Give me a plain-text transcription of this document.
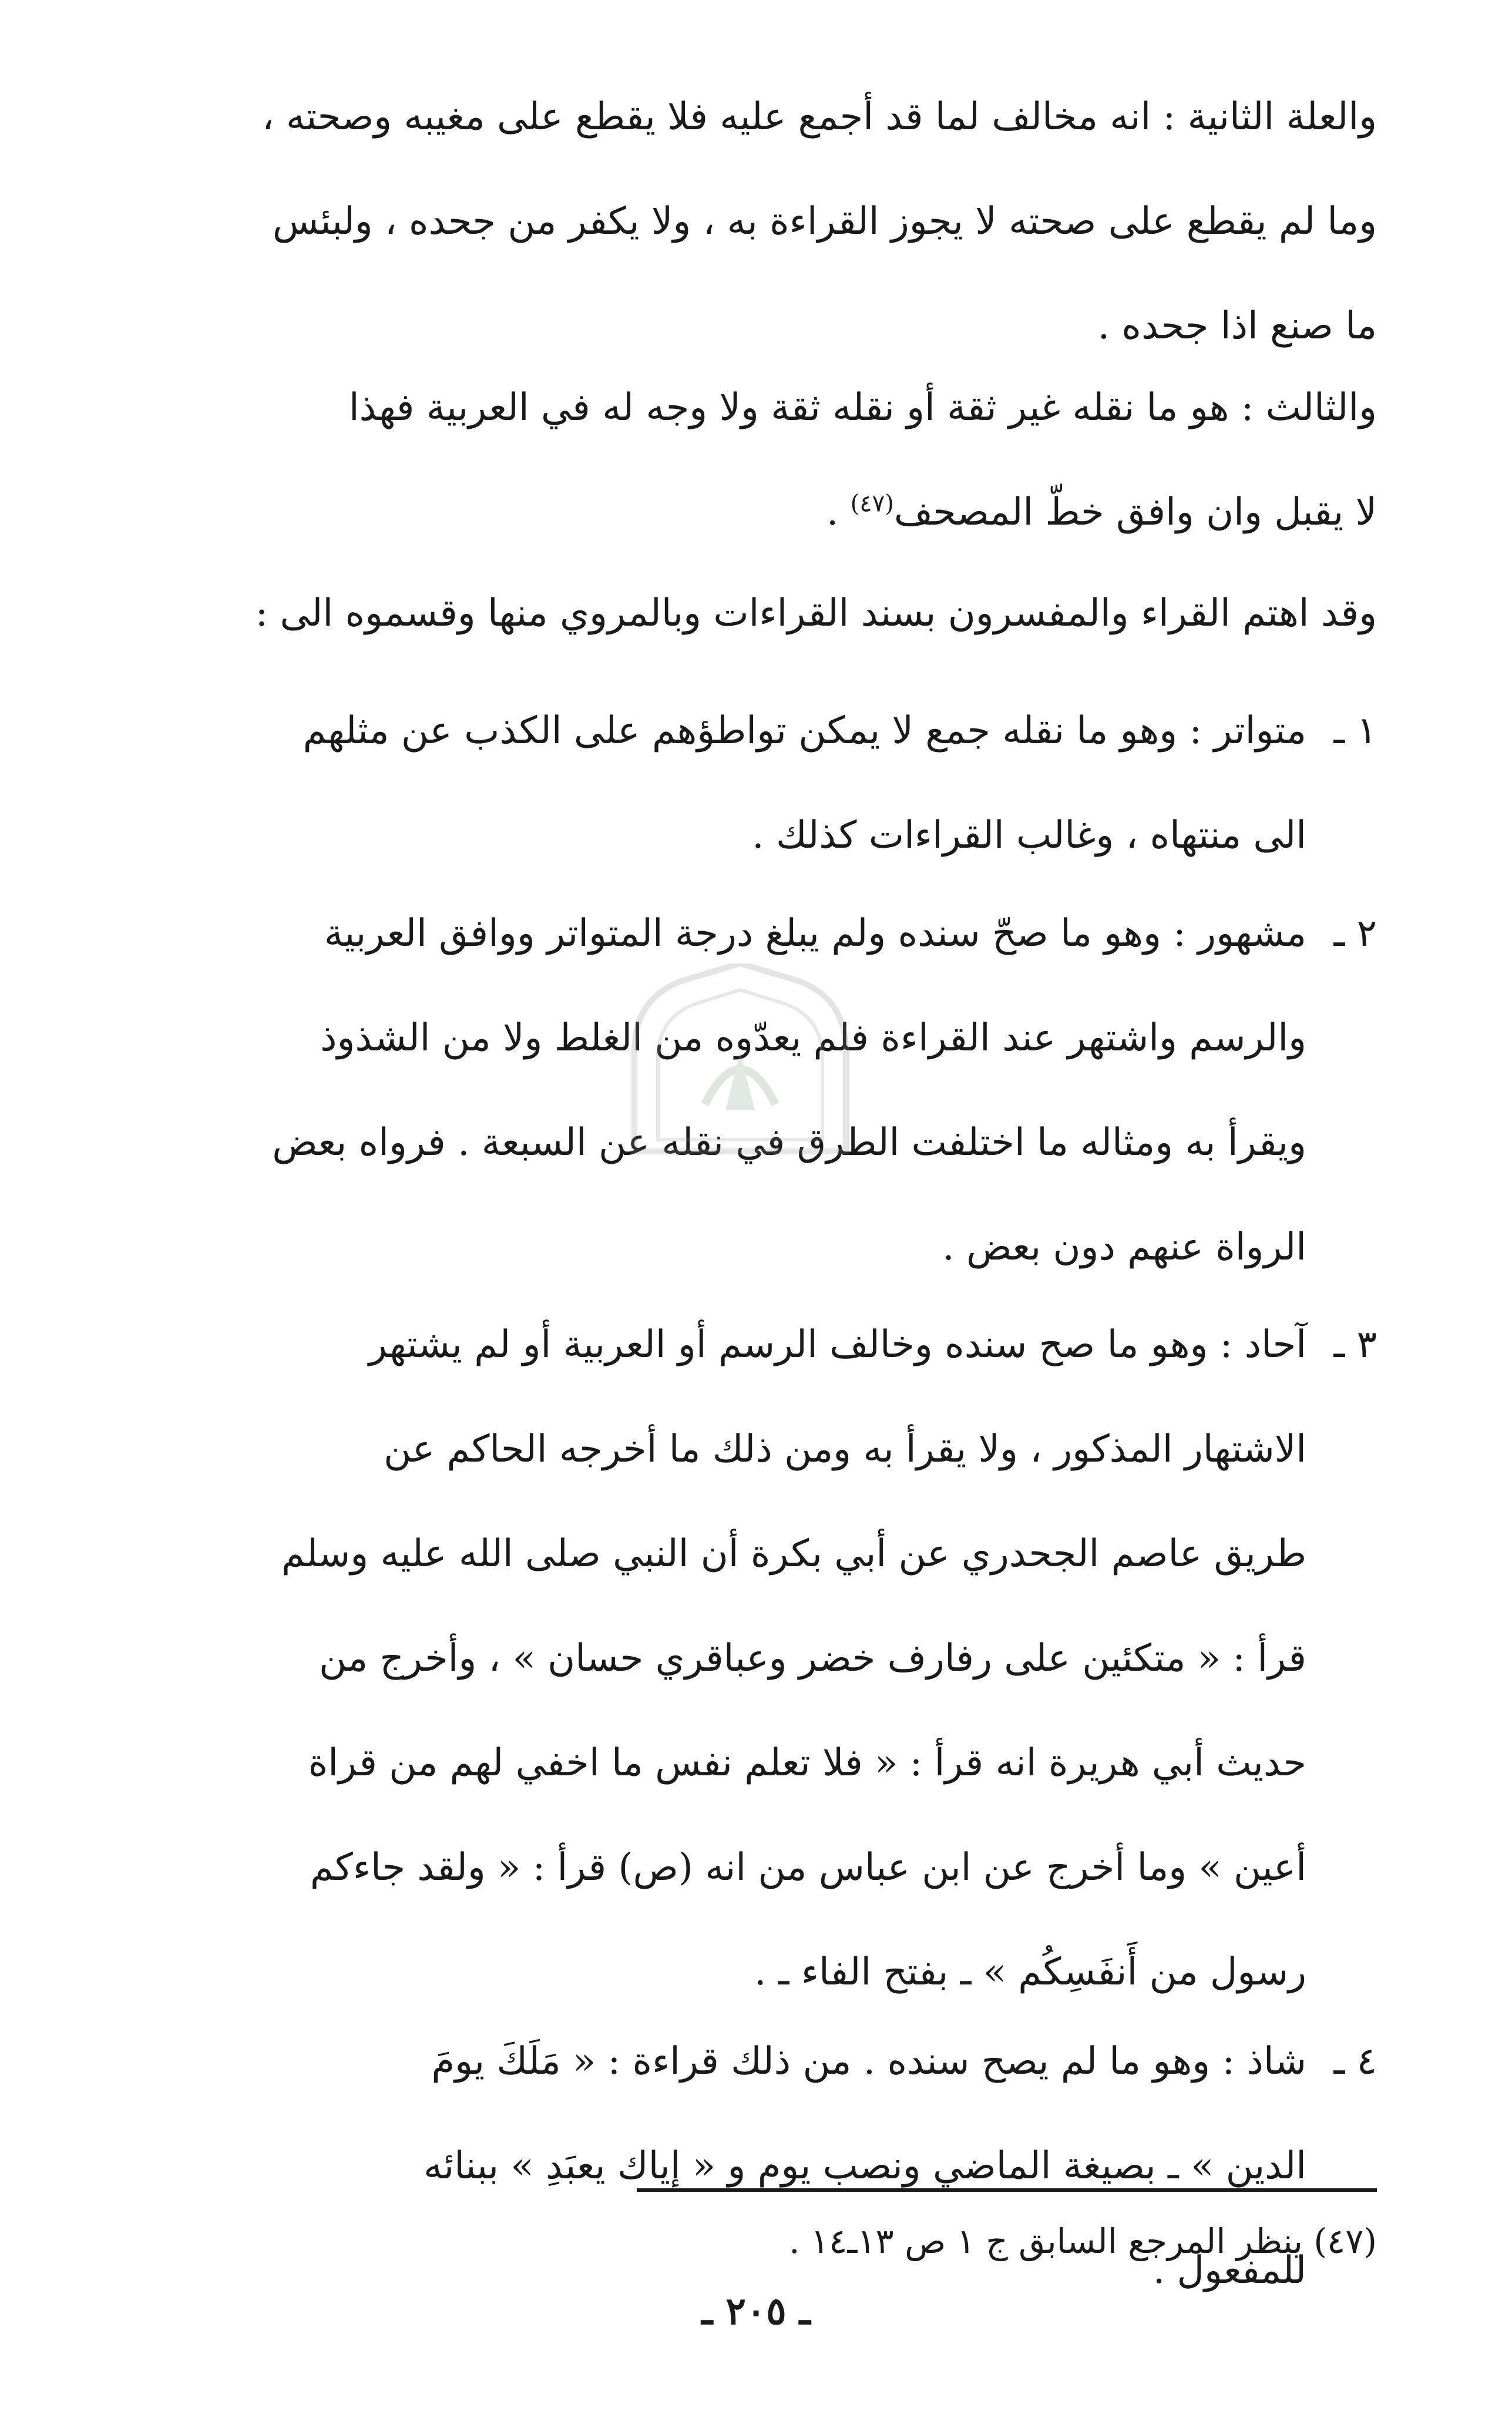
والعلة الثانية : انه مخالف لما قد أجمع عليه فلا يقطع على مغيبه وصحته ،
وما لم يقطع على صحته لا يجوز القراءة به ، ولا يكفر من جحده ، ولبئس
ما صنع اذا جحده .
والثالث : هو ما نقله غير ثقة أو نقله ثقة ولا وجه له في العربية فهذا
لا يقبل وان وافق خطّ المصحف$^{(٤٧)}$ .
وقد اهتم القراء والمفسرون بسند القراءات وبالمروي منها وقسموه الى :
١ ـ
متواتر : وهو ما نقله جمع لا يمكن تواطؤهم على الكذب عن مثلهم
الى منتهاه ، وغالب القراءات كذلك .
٢ ـ
مشهور : وهو ما صحّ سنده ولم يبلغ درجة المتواتر ووافق العربية
والرسم واشتهر عند القراءة فلم يعدّوه من الغلط ولا من الشذوذ
ويقرأ به ومثاله ما اختلفت الطرق في نقله عن السبعة . فرواه بعض
الرواة عنهم دون بعض .
٣ ـ
آحاد : وهو ما صح سنده وخالف الرسم أو العربية أو لم يشتهر
الاشتهار المذكور ، ولا يقرأ به ومن ذلك ما أخرجه الحاكم عن
طريق عاصم الجحدري عن أبي بكرة أن النبي صلى الله عليه وسلم
قرأ : « متكئين على رفارف خضر وعباقري حسان » ، وأخرج من
حديث أبي هريرة انه قرأ : « فلا تعلم نفس ما اخفي لهم من قراة
أعين » وما أخرج عن ابن عباس من انه (ص) قرأ : « ولقد جاءكم
رسول من أَنفَسِكُم » ـ بفتح الفاء ـ .
٤ ـ
شاذ : وهو ما لم يصح سنده . من ذلك قراءة : « مَلَكَ يومَ
الدين » ـ بصيغة الماضي ونصب يوم و « إياك يعبَدِ » ببنائه
للمفعول .
(٤٧) ينظر المرجع السابق ج ١ ص ١٣ـ١٤ .
ـ ٢٠٥ ـ
